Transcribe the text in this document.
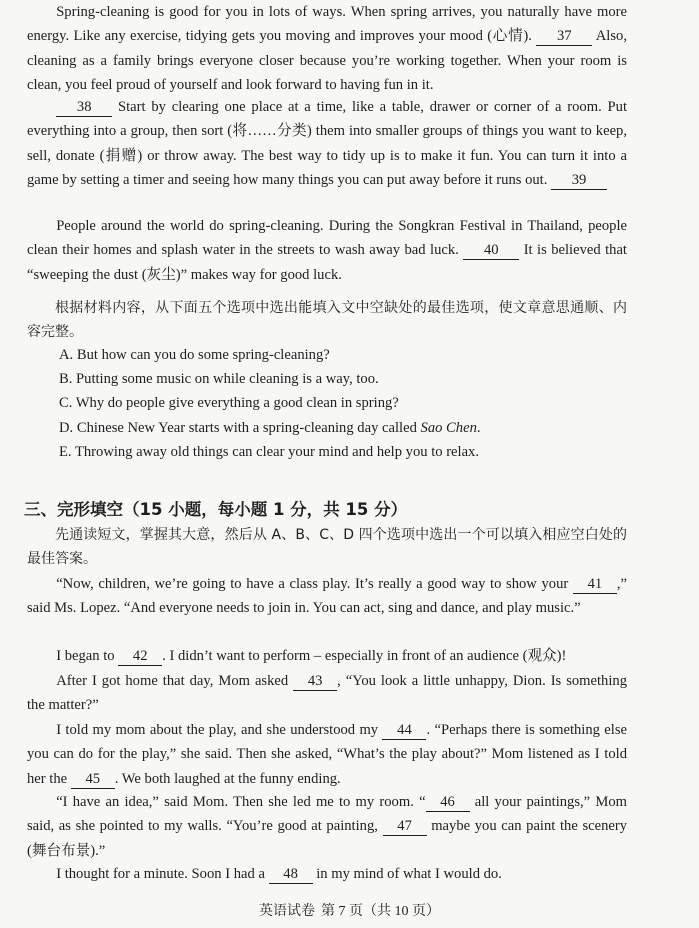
Spring-cleaning is good for you in lots of ways. When spring arrives, you naturally have more energy. Like any exercise, tidying gets you moving and improves your mood (心情). 37 Also, cleaning as a family brings everyone closer because you’re working together. When your room is clean, you feel proud of yourself and look forward to having fun in it.

38 Start by clearing one place at a time, like a table, drawer or corner of a room. Put everything into a group, then sort (将……分类) them into smaller groups of things you want to keep, sell, donate (捐赠) or throw away. The best way to tidy up is to make it fun. You can turn it into a game by setting a timer and seeing how many things you can put away before it runs out. 39

People around the world do spring-cleaning. During the Songkran Festival in Thailand, people clean their homes and splash water in the streets to wash away bad luck. 40 It is believed that “sweeping the dust (灰尘)” makes way for good luck.

根据材料内容，从下面五个选项中选出能填入文中空缺处的最佳选项，使文章意思通顺、内容完整。

A. But how can you do some spring-cleaning?

B. Putting some music on while cleaning is a way, too.

C. Why do people give everything a good clean in spring?

D. Chinese New Year starts with a spring-cleaning day called Sao Chen.

E. Throwing away old things can clear your mind and help you to relax.

三、完形填空（15 小题，每小题 1 分，共 15 分）

先通读短文，掌握其大意，然后从 A、B、C、D 四个选项中选出一个可以填入相应空白处的最佳答案。

“Now, children, we’re going to have a class play. It’s really a good way to show your 41 ,” said Ms. Lopez. “And everyone needs to join in. You can act, sing and dance, and play music.”

I began to 42 . I didn’t want to perform – especially in front of an audience (观众)!

After I got home that day, Mom asked 43 , “You look a little unhappy, Dion. Is something the matter?”

I told my mom about the play, and she understood my 44 . “Perhaps there is something else you can do for the play,” she said. Then she asked, “What’s the play about?” Mom listened as I told her the 45 . We both laughed at the funny ending.

“I have an idea,” said Mom. Then she led me to my room. “ 46 all your paintings,” Mom said, as she pointed to my walls. “You’re good at painting, 47 maybe you can paint the scenery (舞台布景).”

I thought for a minute. Soon I had a 48 in my mind of what I would do.

英语试卷 第 7 页（共 10 页）
